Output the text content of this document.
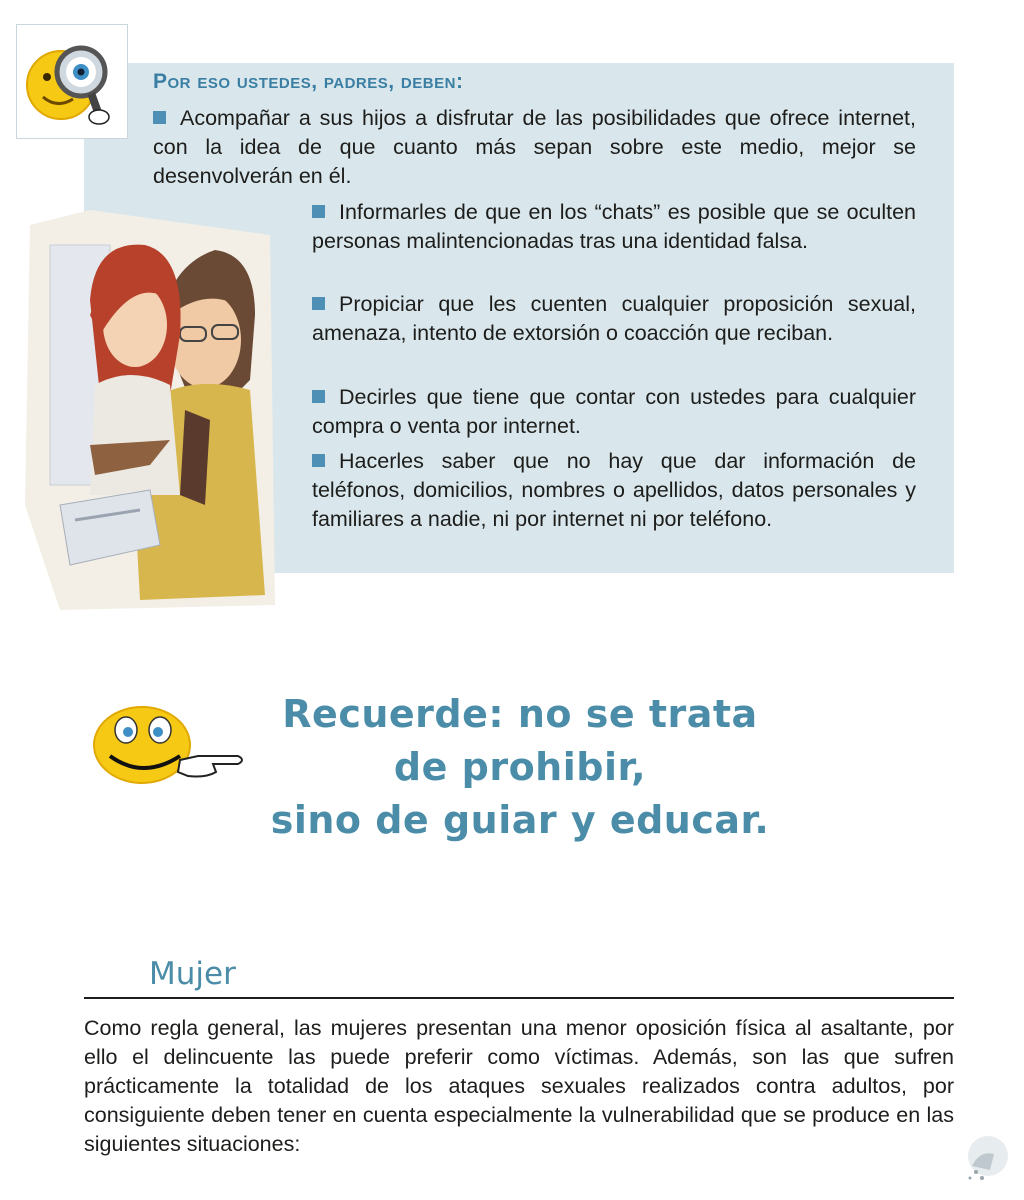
Por eso ustedes, padres, deben:

Acompañar a sus hijos a disfrutar de las posibilidades que ofrece internet, con la idea de que cuanto más sepan sobre este medio, mejor se desenvolverán en él.

Informarles de que en los “chats” es posible que se oculten personas malintencionadas tras una identidad falsa.

Propiciar que les cuenten cualquier proposición sexual, amenaza, intento de extorsión o coacción que reciban.

Decirles que tiene que contar con ustedes para cualquier compra o venta por internet.

Hacerles saber que no hay que dar información de teléfonos, domicilios, nombres o apellidos, datos personales y familiares a nadie, ni por internet ni por teléfono.

Recuerde: no se trata
de prohibir,
sino de guiar y educar.
Mujer

Como regla general, las mujeres presentan una menor oposición física al asaltante, por ello el delincuente las puede preferir como víctimas. Además, son las que sufren prácticamente la totalidad de los ataques sexuales realizados contra adultos, por consiguiente deben tener en cuenta especialmente la vulnerabilidad que se produce en las siguientes situaciones:
